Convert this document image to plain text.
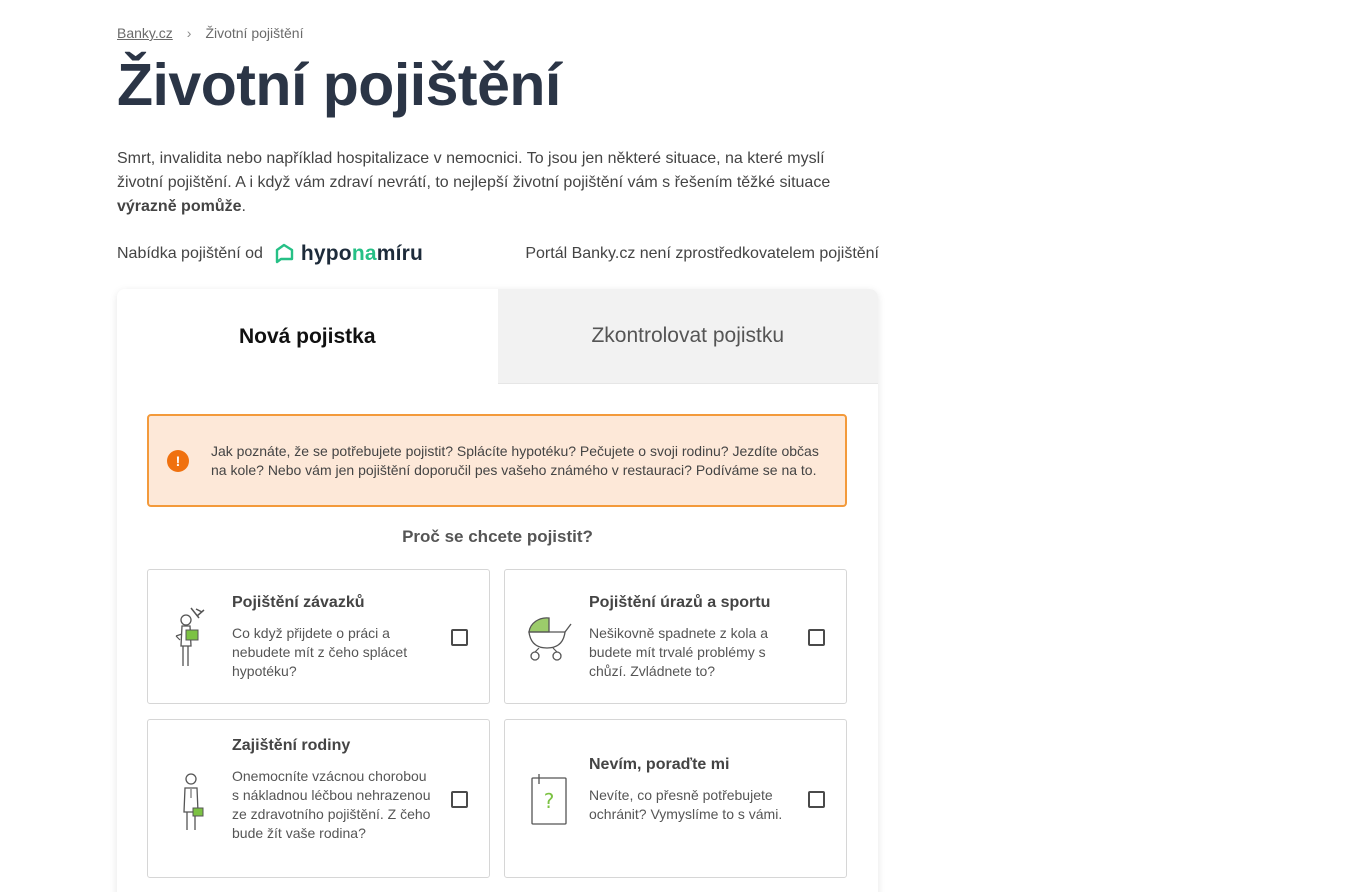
Banky.cz › Životní pojištění
Životní pojištění

Smrt, invalidita nebo například hospitalizace v nemocnici. To jsou jen některé situace, na které myslí životní pojištění. A i když vám zdraví nevrátí, to nejlepší životní pojištění vám s řešením těžké situace výrazně pomůže.

Nabídka pojištění od hyponamíru	Portál Banky.cz není zprostředkovatelem pojištění
Nová pojistka	Zkontrolovat pojistku
!

Jak poznáte, že se potřebujete pojistit? Splácíte hypotéku? Pečujete o svoji rodinu? Jezdíte občas na kole? Nebo vám jen pojištění doporučil pes vašeho známého v restauraci? Podíváme se na to.

Proč se chcete pojistit?
Pojištění závazků
Co když přijdete o práci a nebudete mít z čeho splácet hypotéku?
Pojištění úrazů a sportu
Nešikovně spadnete z kola a budete mít trvalé problémy s chůzí. Zvládnete to?
Zajištění rodiny
Onemocníte vzácnou chorobou s nákladnou léčbou nehrazenou ze zdravotního pojištění. Z čeho bude žít vaše rodina?
?
Nevím, poraďte mi
Nevíte, co přesně potřebujete ochránit? Vymyslíme to s vámi.
